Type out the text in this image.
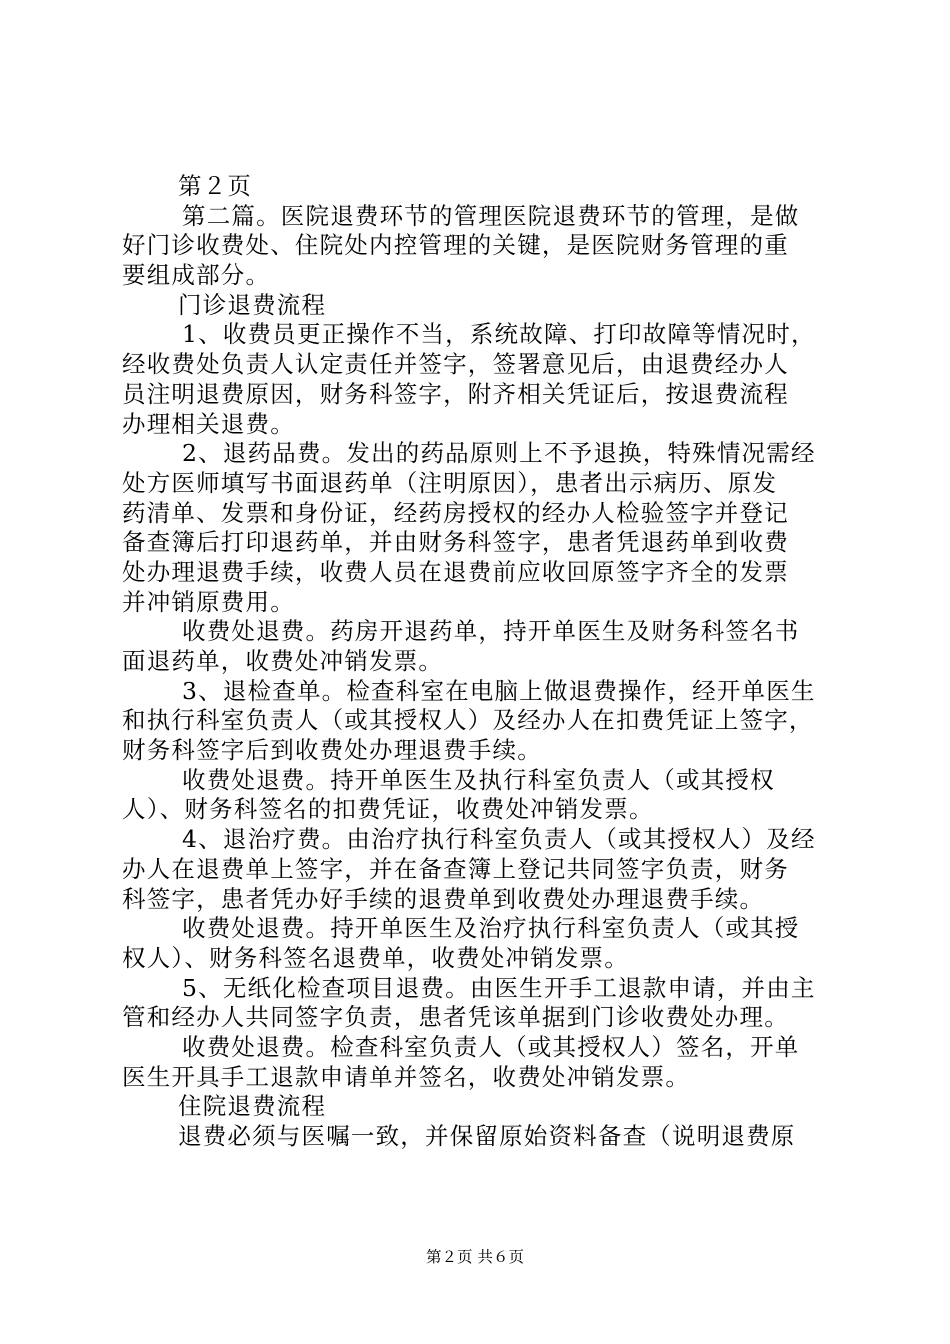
第２页
第二篇。医院退费环节的管理医院退费环节的管理，是做
好门诊收费处、住院处内控管理的关键，是医院财务管理的重
要组成部分。
门诊退费流程
1、收费员更正操作不当，系统故障、打印故障等情况时，
经收费处负责人认定责任并签字，签署意见后，由退费经办人
员注明退费原因，财务科签字，附齐相关凭证后，按退费流程
办理相关退费。
2、退药品费。发出的药品原则上不予退换，特殊情况需经
处方医师填写书面退药单（注明原因），患者出示病历、原发
药清单、发票和身份证，经药房授权的经办人检验签字并登记
备查簿后打印退药单，并由财务科签字，患者凭退药单到收费
处办理退费手续，收费人员在退费前应收回原签字齐全的发票
并冲销原费用。
收费处退费。药房开退药单，持开单医生及财务科签名书
面退药单，收费处冲销发票。
3、退检查单。检查科室在电脑上做退费操作，经开单医生
和执行科室负责人（或其授权人）及经办人在扣费凭证上签字，
财务科签字后到收费处办理退费手续。
收费处退费。持开单医生及执行科室负责人（或其授权
人）、财务科签名的扣费凭证，收费处冲销发票。
4、退治疗费。由治疗执行科室负责人（或其授权人）及经
办人在退费单上签字，并在备查簿上登记共同签字负责，财务
科签字，患者凭办好手续的退费单到收费处办理退费手续。
收费处退费。持开单医生及治疗执行科室负责人（或其授
权人）、财务科签名退费单，收费处冲销发票。
5、无纸化检查项目退费。由医生开手工退款申请，并由主
管和经办人共同签字负责，患者凭该单据到门诊收费处办理。
收费处退费。检查科室负责人（或其授权人）签名，开单
医生开具手工退款申请单并签名，收费处冲销发票。
住院退费流程
退费必须与医嘱一致，并保留原始资料备查（说明退费原
第２页 共６页
